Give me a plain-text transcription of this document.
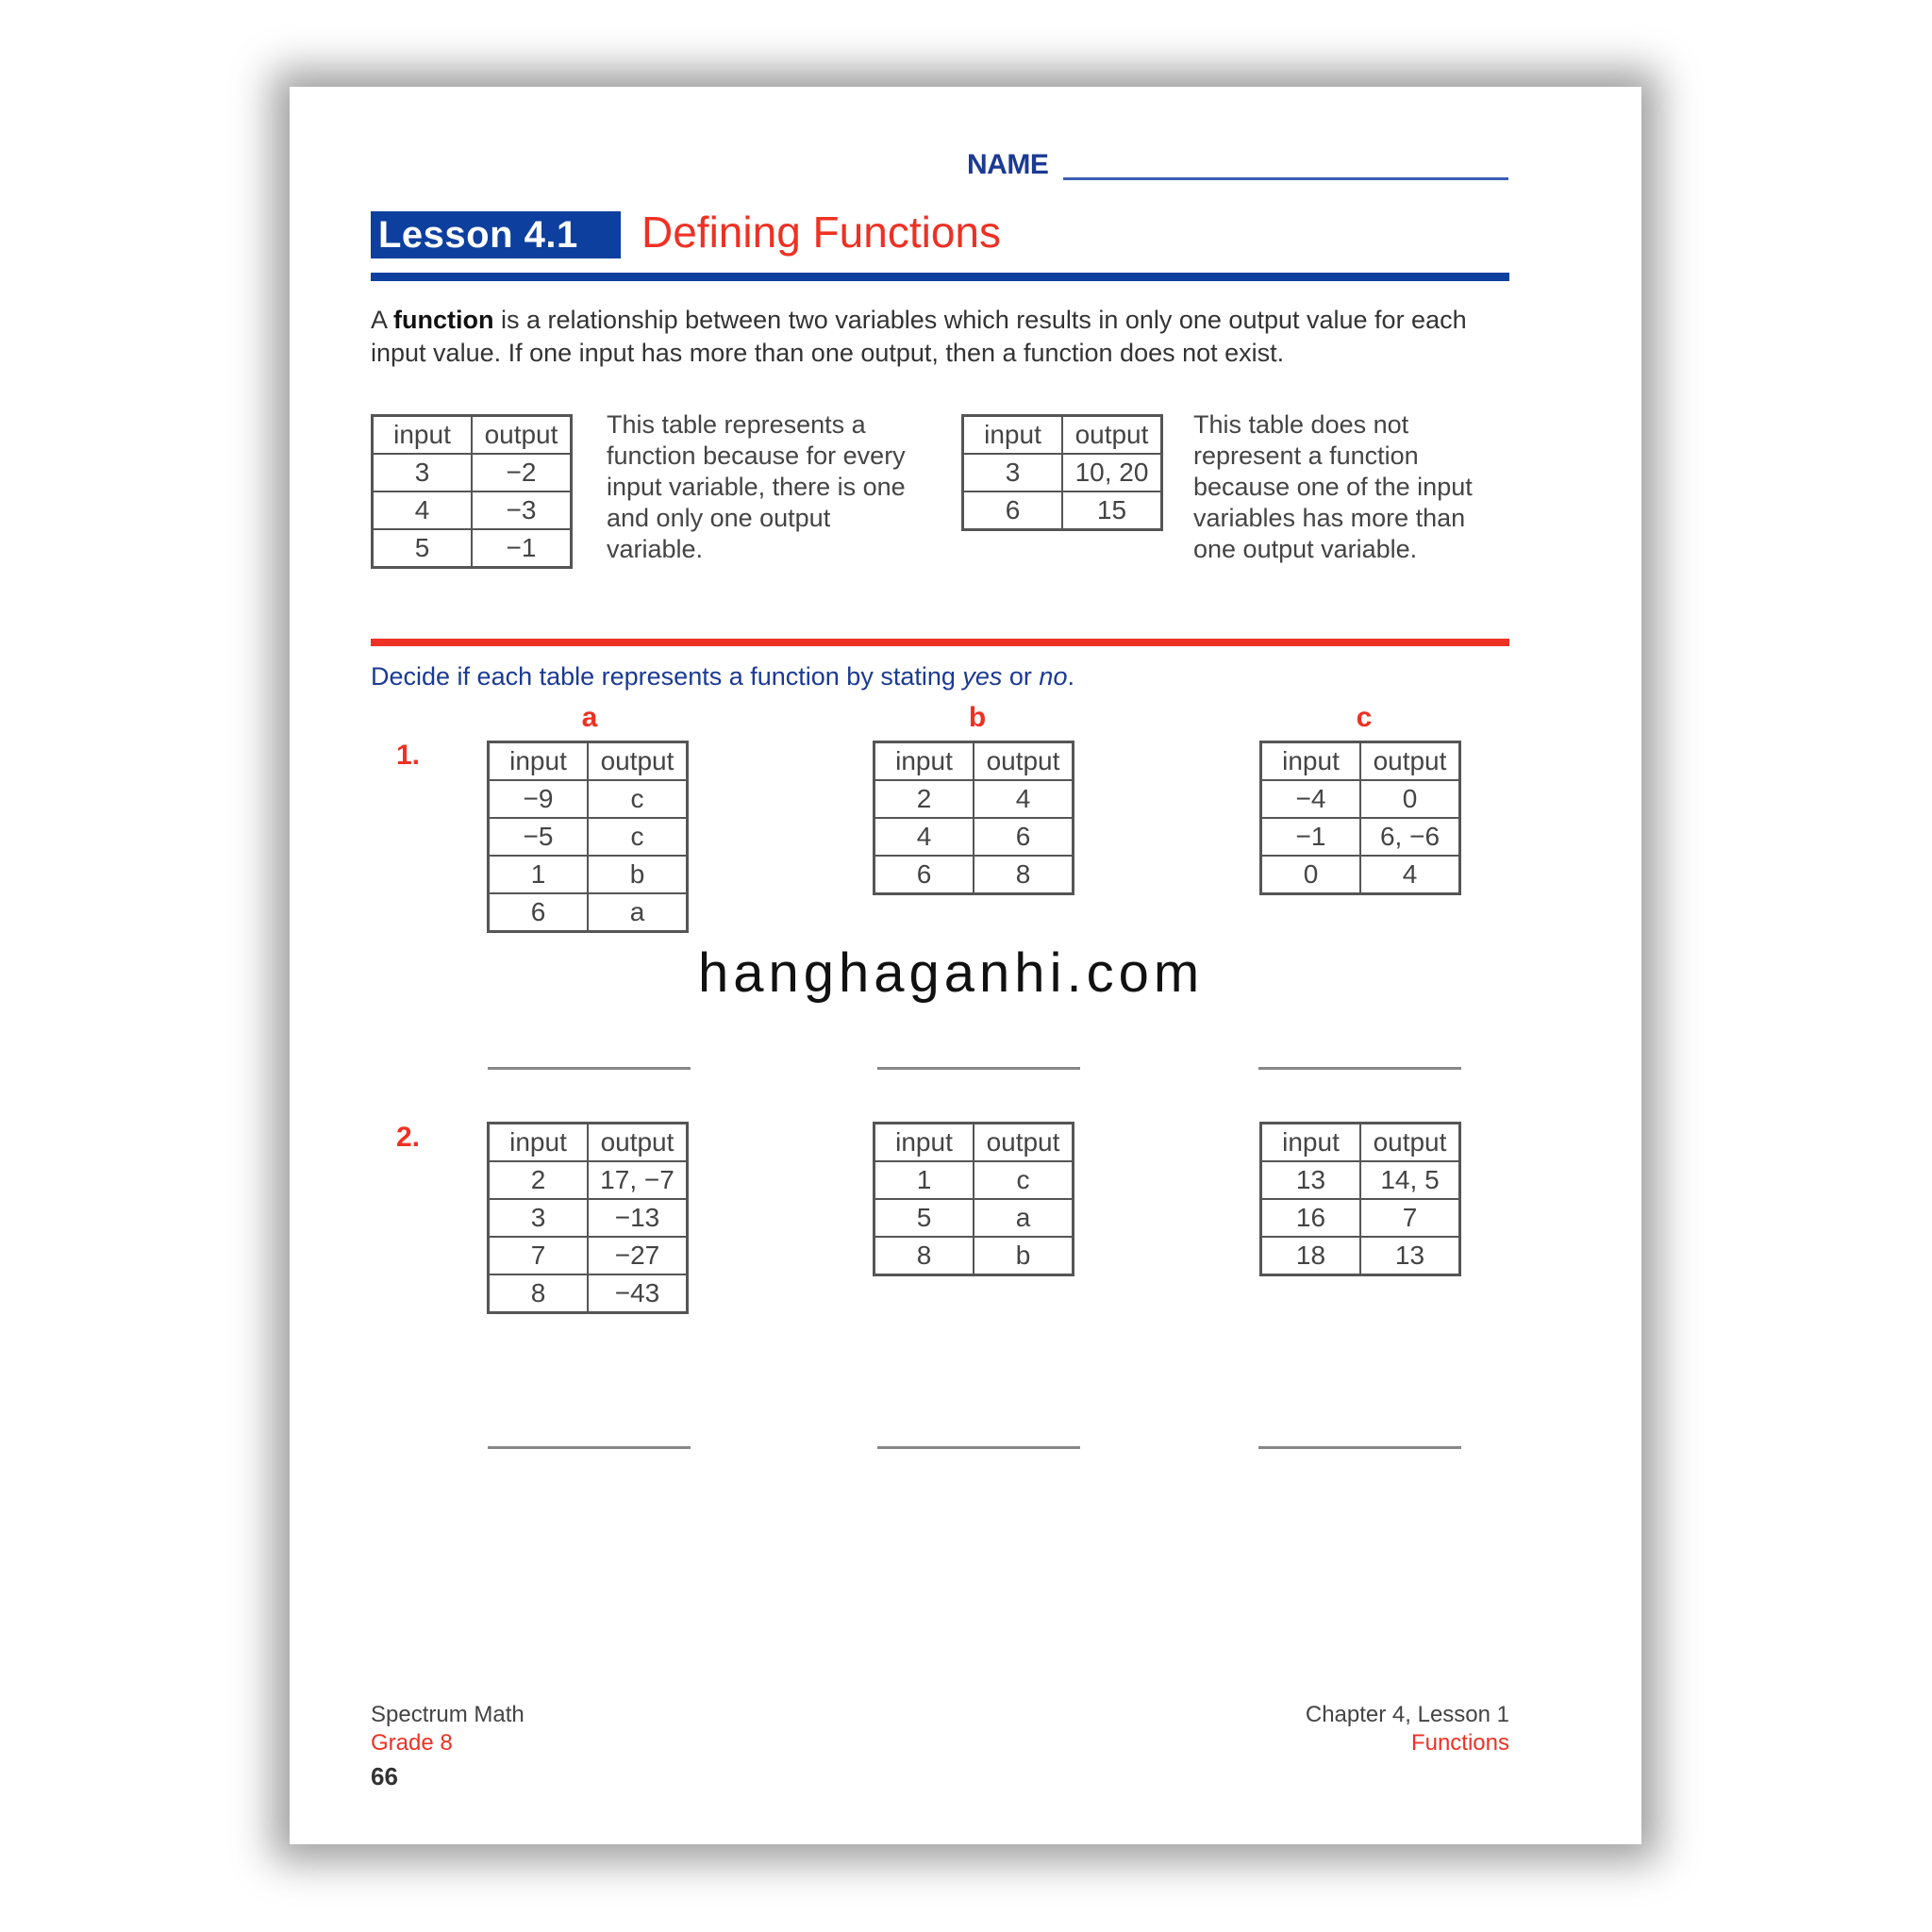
NAME
Lesson 4.1	Defining Functions
A function is a relationship between two variables which results in only one output value for each input value. If one input has more than one output, then a function does not exist.
input	output
3	−2
4	−3
5	−1
This table represents a function because for every input variable, there is one and only one output variable.
input	output
3	10, 20
6	15
This table does not represent a function because one of the input variables has more than one output variable.
Decide if each table represents a function by stating yes or no.
a	b	c
1.
2.
input	output
−9	c
−5	c
1	b
6	a
input	output
2	4
4	6
6	8
input	output
−4	0
−1	6, −6
0	4
input	output
2	17, −7
3	−13
7	−27
8	−43
input	output
1	c
5	a
8	b
input	output
13	14, 5
16	7
18	13
hanghaganhi.com
Spectrum Math
Grade 8
66
Chapter 4, Lesson 1
Functions
